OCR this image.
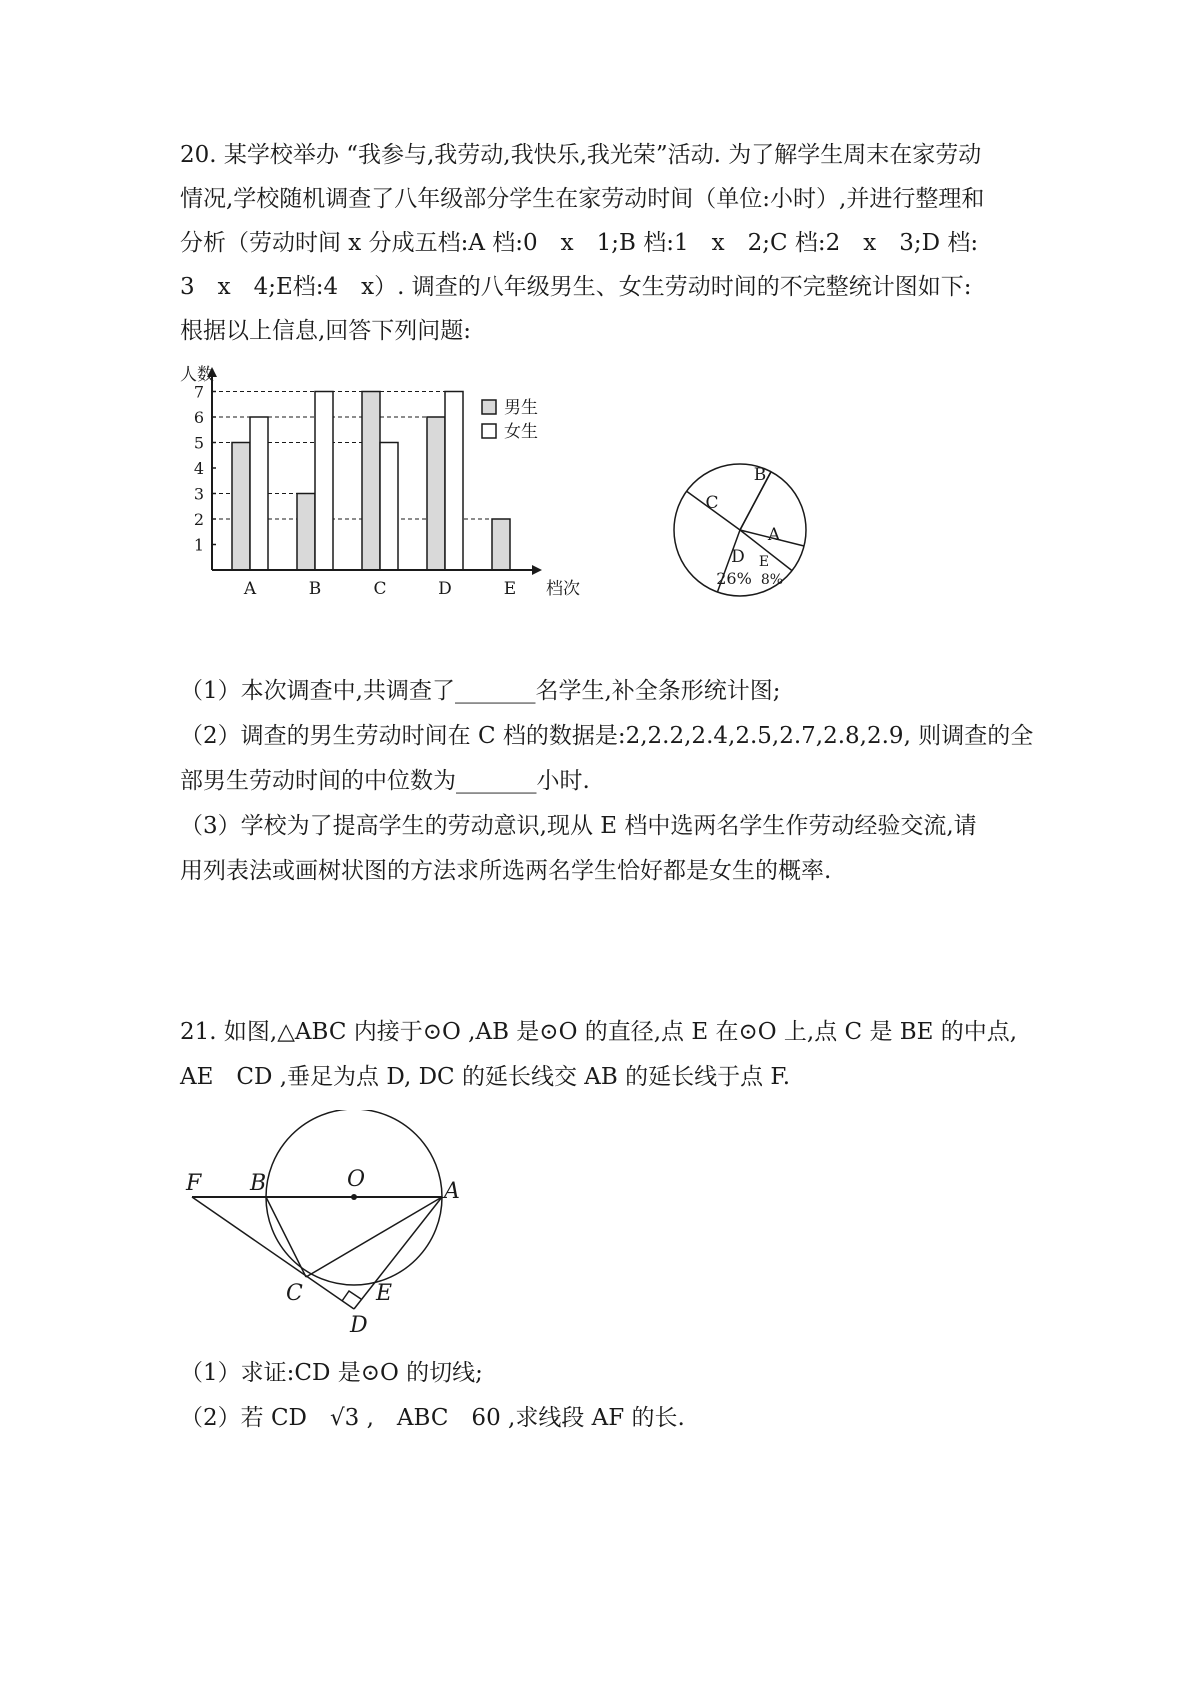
20. 某学校举办 “我参与,我劳动,我快乐,我光荣”活动. 为了解学生周末在家劳动
情况,学校随机调查了八年级部分学生在家劳动时间（单位:小时）,并进行整理和
分析（劳动时间 x 分成五档:A 档:0　x　1;B 档:1　x　2;C 档:2　x　3;D 档:
3　x　4;E档:4　x）. 调查的八年级男生、女生劳动时间的不完整统计图如下:
根据以上信息,回答下列问题:
1
2
3
4
5
6
7
A	B	C	D	E
人数
档次
男生
女生
A
B
C
D
26%
E
8%
（1）本次调查中,共调查了_______名学生,补全条形统计图;
（2）调查的男生劳动时间在 C 档的数据是:2,2.2,2.4,2.5,2.7,2.8,2.9, 则调查的全
部男生劳动时间的中位数为_______小时.
（3）学校为了提高学生的劳动意识,现从 E 档中选两名学生作劳动经验交流,请
用列表法或画树状图的方法求所选两名学生恰好都是女生的概率.
21. 如图,△ABC 内接于⊙O ,AB 是⊙O 的直径,点 E 在⊙O 上,点 C 是 BE 的中点,
AE　CD ,垂足为点 D, DC 的延长线交 AB 的延长线于点 F.
F B	O	A
C	E
D
（1）求证:CD 是⊙O 的切线;
（2）若 CD　√3 ,　ABC　60 ,求线段 AF 的长.
